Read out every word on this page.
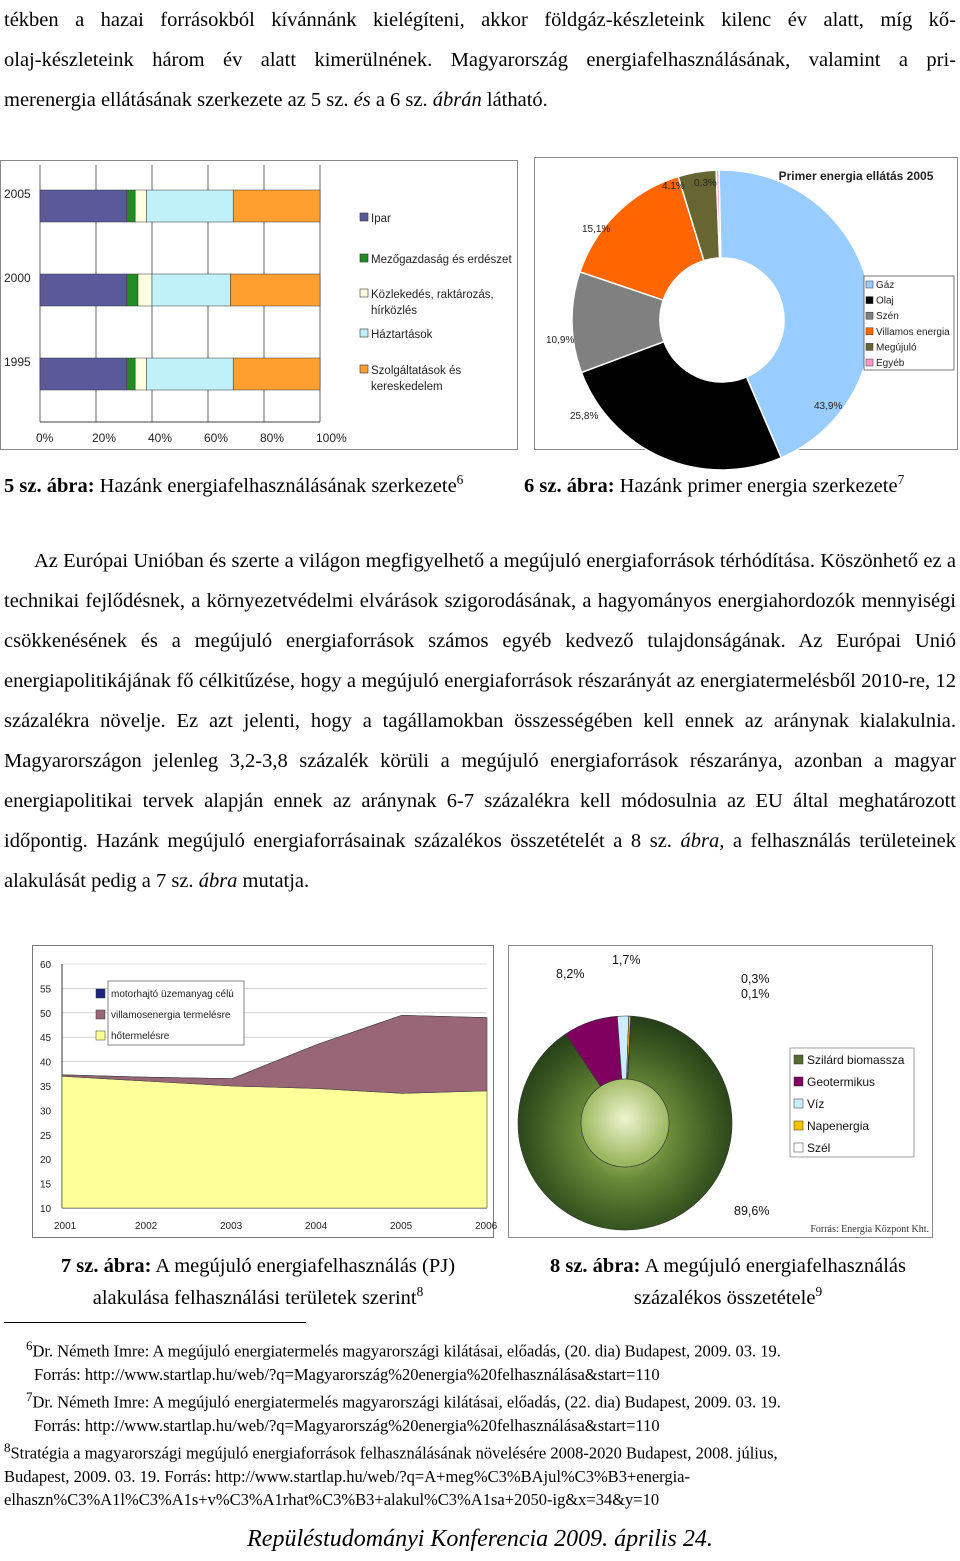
tékben a hazai forrásokból kívánnánk kielégíteni, akkor földgáz-készleteink kilenc év alatt, míg kő-
olaj-készleteink három év alatt kimerülnének. Magyarország energiafelhasználásának, valamint a pri-
merenergia ellátásának szerkezete az 5 sz. és a 6 sz. ábrán látható.
2005
2000
1995
0%	20%	40%	60%	80%	100%
Ipar
Mezőgazdaság és erdészet
Közlekedés, raktározás, hírközlés
Háztartások
Szolgáltatások és kereskedelem
Primer energia ellátás 2005
43,9%
25,8%
10,9%
15,1%
4,1% 0,3%
Gáz
Olaj
Szén
Villamos energia
Megújuló
Egyéb
5 sz. ábra: Hazánk energiafelhasználásának szerkezete$^6$	6 sz. ábra: Hazánk primer energia szerkezete$^7$

Az Európai Unióban és szerte a világon megfigyelhető a megújuló energiaforrások térhódítása. Köszönhető ez a technikai fejlődésnek, a környezetvédelmi elvárások szigorodásának, a hagyományos energiahordozók mennyiségi csökkenésének és a megújuló energiaforrások számos egyéb kedvező tulajdonságának. Az Európai Unió energiapolitikájának fő célkitűzése, hogy a megújuló energiaforrások részarányát az energiatermelésből 2010-re, 12 százalékra növelje. Ez azt jelenti, hogy a tagállamokban összességében kell ennek az aránynak kialakulnia. Magyarországon jelenleg 3,2-3,8 százalék körüli a megújuló energiaforrások részaránya, azonban a magyar energiapolitikai tervek alapján ennek az aránynak 6-7 százalékra kell módosulnia az EU által meghatározott időpontig. Hazánk megújuló energiaforrásainak százalékos összetételét a 8 sz. ábra, a felhasználás területeinek alakulását pedig a 7 sz. ábra mutatja.

10
15
20
25
30
35
40
45
50
55
60
2001	2002	2003	2004	2005	2006
motorhajtó üzemanyag célú
villamosenergia termelésre
hőtermelésre
89,6%
8,2%
1,7%
0,3%
0,1%
Szilárd biomassza
Geotermikus
Víz
Napenergia
Szél
Forrás: Energia Központ Kht.
7 sz. ábra: A megújuló energiafelhasználás (PJ)
alakulása felhasználási területek szerint$^8$
8 sz. ábra: A megújuló energiafelhasználás
százalékos összetétele$^9$
$^6$Dr. Németh Imre: A megújuló energiatermelés magyarországi kilátásai, előadás, (20. dia) Budapest, 2009. 03. 19.
Forrás: http://www.startlap.hu/web/?q=Magyarország%20energia%20felhasználása&start=110
$^7$Dr. Németh Imre: A megújuló energiatermelés magyarországi kilátásai, előadás, (22. dia) Budapest, 2009. 03. 19.
Forrás: http://www.startlap.hu/web/?q=Magyarország%20energia%20felhasználása&start=110
$^8$Stratégia a magyarországi megújuló energiaforrások felhasználásának növelésére 2008-2020 Budapest, 2008. július,
Budapest, 2009. 03. 19. Forrás: http://www.startlap.hu/web/?q=A+meg%C3%BAjul%C3%B3+energia-
elhaszn%C3%A1l%C3%A1s+v%C3%A1rhat%C3%B3+alakul%C3%A1sa+2050-ig&x=34&y=10
Repüléstudományi Konferencia 2009. április 24.
